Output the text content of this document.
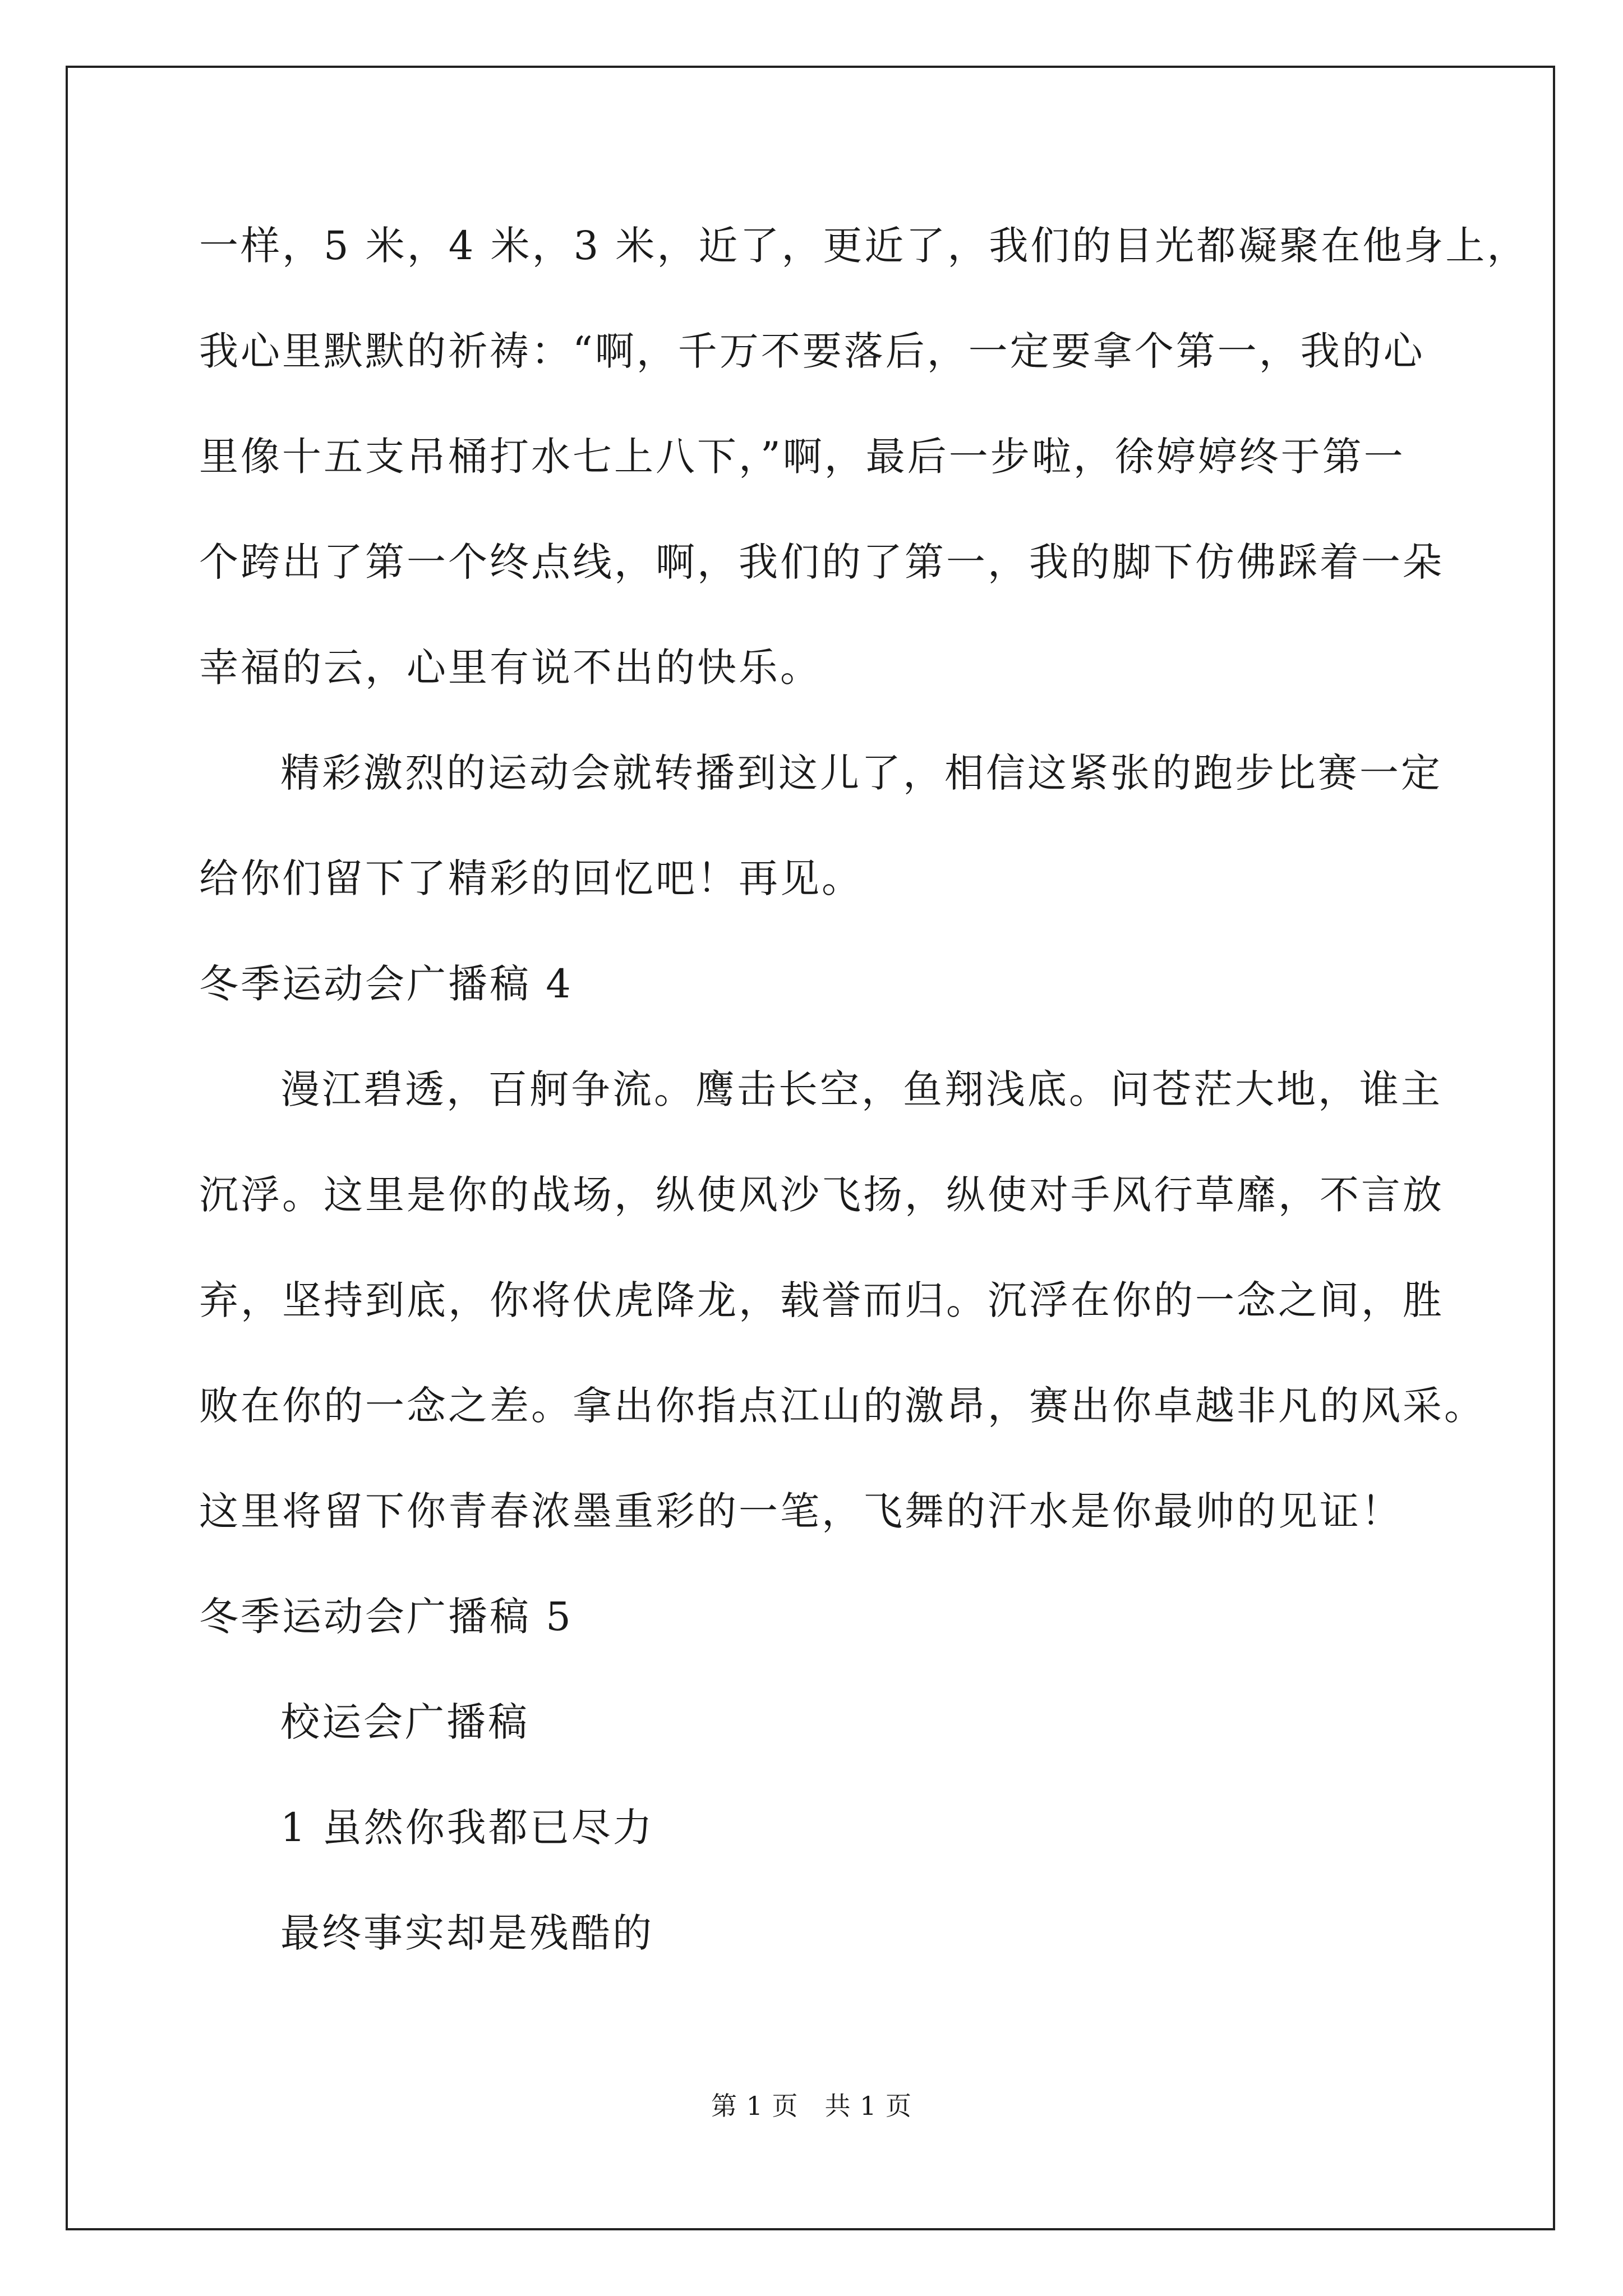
一样，5 米，4 米，3 米，近了，更近了，我们的目光都凝聚在他身上，
我心里默默的祈祷：“啊，千万不要落后，一定要拿个第一，我的心
里像十五支吊桶打水七上八下，”啊，最后一步啦，徐婷婷终于第一
个跨出了第一个终点线，啊，我们的了第一，我的脚下仿佛踩着一朵
幸福的云，心里有说不出的快乐。
精彩激烈的运动会就转播到这儿了，相信这紧张的跑步比赛一定
给你们留下了精彩的回忆吧！再见。
冬季运动会广播稿 4
漫江碧透，百舸争流。鹰击长空，鱼翔浅底。问苍茫大地，谁主
沉浮。这里是你的战场，纵使风沙飞扬，纵使对手风行草靡，不言放
弃，坚持到底，你将伏虎降龙，载誉而归。沉浮在你的一念之间，胜
败在你的一念之差。拿出你指点江山的激昂，赛出你卓越非凡的风采。
这里将留下你青春浓墨重彩的一笔，飞舞的汗水是你最帅的见证！
冬季运动会广播稿 5
校运会广播稿
1 虽然你我都已尽力
最终事实却是残酷的
第 1 页　共 1 页
